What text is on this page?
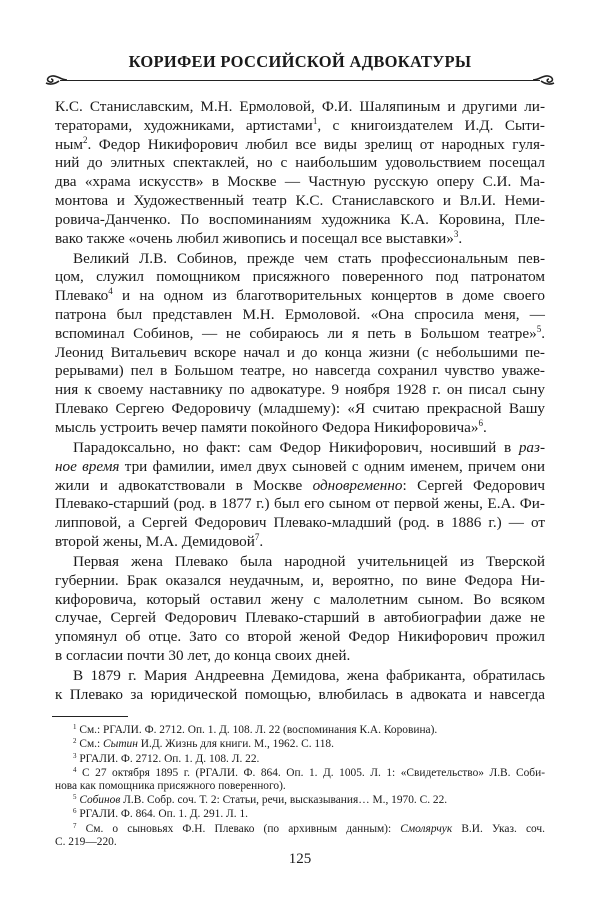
КОРИФЕИ РОССИЙСКОЙ АДВОКАТУРЫ
К.С. Станиславским, М.Н. Ермоловой, Ф.И. Шаляпиным и другими ли-
тераторами, художниками, артистами$^1$, с книгоиздателем И.Д. Сыти-
ным$^2$. Федор Никифорович любил все виды зрелищ от народных гуля-
ний до элитных спектаклей, но с наибольшим удовольствием посещал
два «храма искусств» в Москве — Частную русскую оперу С.И. Ма-
монтова и Художественный театр К.С. Станиславского и Вл.И. Неми-
ровича-Данченко. По воспоминаниям художника К.А. Коровина, Пле-
вако также «очень любил живопись и посещал все выставки»$^3$.
Великий Л.В. Собинов, прежде чем стать профессиональным пев-
цом, служил помощником присяжного поверенного под патронатом
Плевако$^4$ и на одном из благотворительных концертов в доме своего
патрона был представлен М.Н. Ермоловой. «Она спросила меня, —
вспоминал Собинов, — не собираюсь ли я петь в Большом театре»$^5$.
Леонид Витальевич вскоре начал и до конца жизни (с небольшими пе-
рерывами) пел в Большом театре, но навсегда сохранил чувство уваже-
ния к своему наставнику по адвокатуре. 9 ноября 1928 г. он писал сыну
Плевако Сергею Федоровичу (младшему): «Я считаю прекрасной Вашу
мысль устроить вечер памяти покойного Федора Никифоровича»$^6$.
Парадоксально, но факт: сам Федор Никифорович, носивший в раз-
ное время три фамилии, имел двух сыновей с одним именем, причем они
жили и адвокатствовали в Москве одновременно: Сергей Федорович
Плевако-старший (род. в 1877 г.) был его сыном от первой жены, Е.А. Фи-
липповой, а Сергей Федорович Плевако-младший (род. в 1886 г.) — от
второй жены, М.А. Демидовой$^7$.
Первая жена Плевако была народной учительницей из Тверской
губернии. Брак оказался неудачным, и, вероятно, по вине Федора Ни-
кифоровича, который оставил жену с малолетним сыном. Во всяком
случае, Сергей Федорович Плевако-старший в автобиографии даже не
упомянул об отце. Зато со второй женой Федор Никифорович прожил
в согласии почти 30 лет, до конца своих дней.
В 1879 г. Мария Андреевна Демидова, жена фабриканта, обратилась
к Плевако за юридической помощью, влюбилась в адвоката и навсегда
$^1$ См.: РГАЛИ. Ф. 2712. Оп. 1. Д. 108. Л. 22 (воспоминания К.А. Коровина).
$^2$ См.: Сытин И.Д. Жизнь для книги. М., 1962. С. 118.
$^3$ РГАЛИ. Ф. 2712. Оп. 1. Д. 108. Л. 22.
$^4$ С 27 октября 1895 г. (РГАЛИ. Ф. 864. Оп. 1. Д. 1005. Л. 1: «Свидетельство» Л.В. Соби-
нова как помощника присяжного поверенного).
$^5$ Собинов Л.В. Собр. соч. Т. 2: Статьи, речи, высказывания… М., 1970. С. 22.
$^6$ РГАЛИ. Ф. 864. Оп. 1. Д. 291. Л. 1.
$^7$ См. о сыновьях Ф.Н. Плевако (по архивным данным): Смолярчук В.И. Указ. соч.
С. 219—220.
125
